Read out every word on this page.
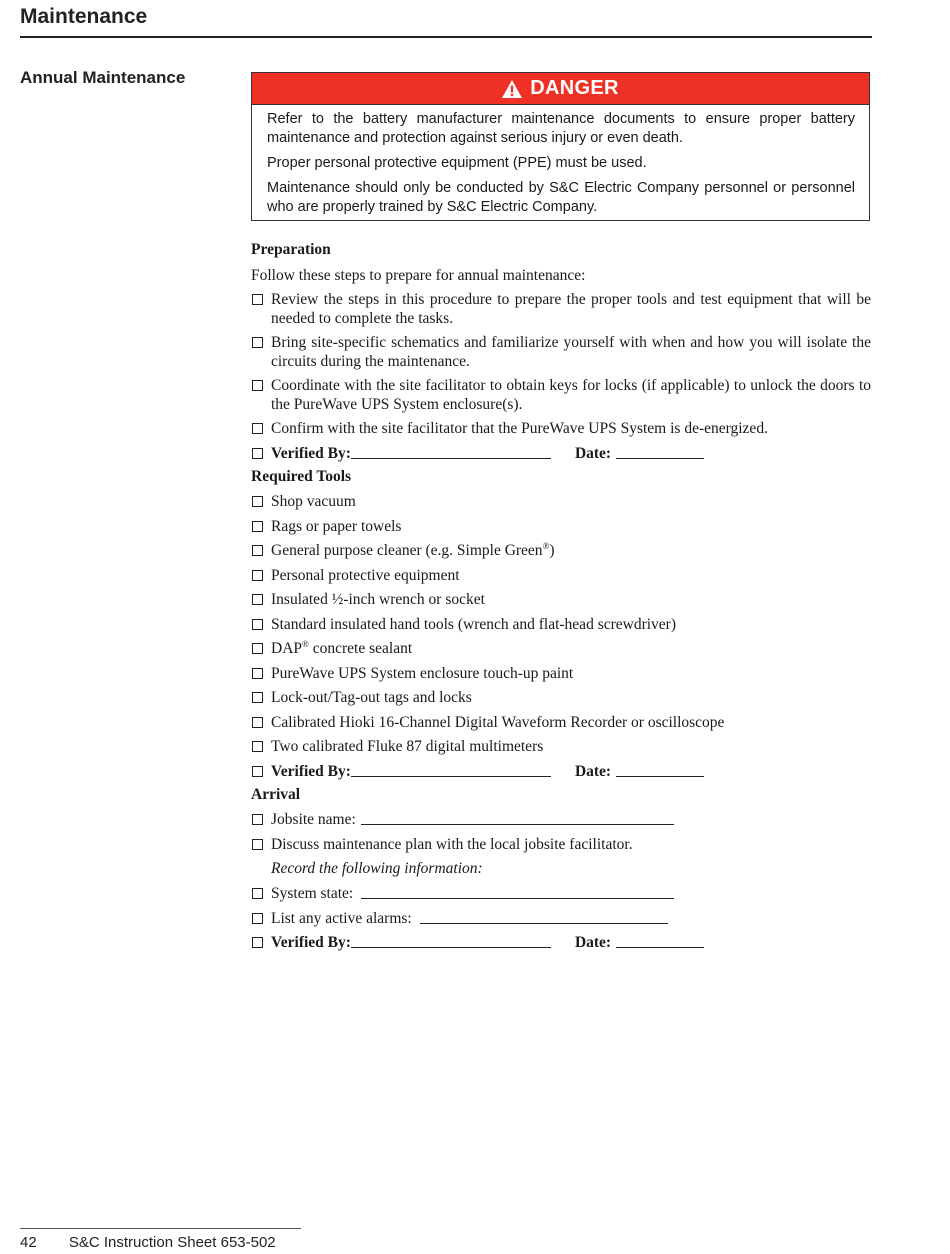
Maintenance
Annual Maintenance	DANGER

Refer to the battery manufacturer maintenance documents to ensure proper battery maintenance and protection against serious injury or even death.

Proper personal protective equipment (PPE) must be used.

Maintenance should only be conducted by S&C Electric Company personnel or personnel who are properly trained by S&C Electric Company.

Preparation
Follow these steps to prepare for annual maintenance:
Review the steps in this procedure to prepare the proper tools and test equipment that will be needed to complete the tasks.
Bring site-specific schematics and familiarize yourself with when and how you will isolate the circuits during the maintenance.
Coordinate with the site facilitator to obtain keys for locks (if applicable) to unlock the doors to the PureWave UPS System enclosure(s).
Confirm with the site facilitator that the PureWave UPS System is de-energized.
Verified By:	Date:
Required Tools
Shop vacuum
Rags or paper towels
General purpose cleaner (e.g. Simple Green®)
Personal protective equipment
Insulated ½-inch wrench or socket
Standard insulated hand tools (wrench and flat-head screwdriver)
DAP® concrete sealant
PureWave UPS System enclosure touch-up paint
Lock-out/Tag-out tags and locks
Calibrated Hioki 16-Channel Digital Waveform Recorder or oscilloscope
Two calibrated Fluke 87 digital multimeters
Verified By:	Date:
Arrival
Jobsite name:
Discuss maintenance plan with the local jobsite facilitator.
Record the following information:
System state:
List any active alarms:
Verified By:	Date:
42 S&C Instruction Sheet 653-502
